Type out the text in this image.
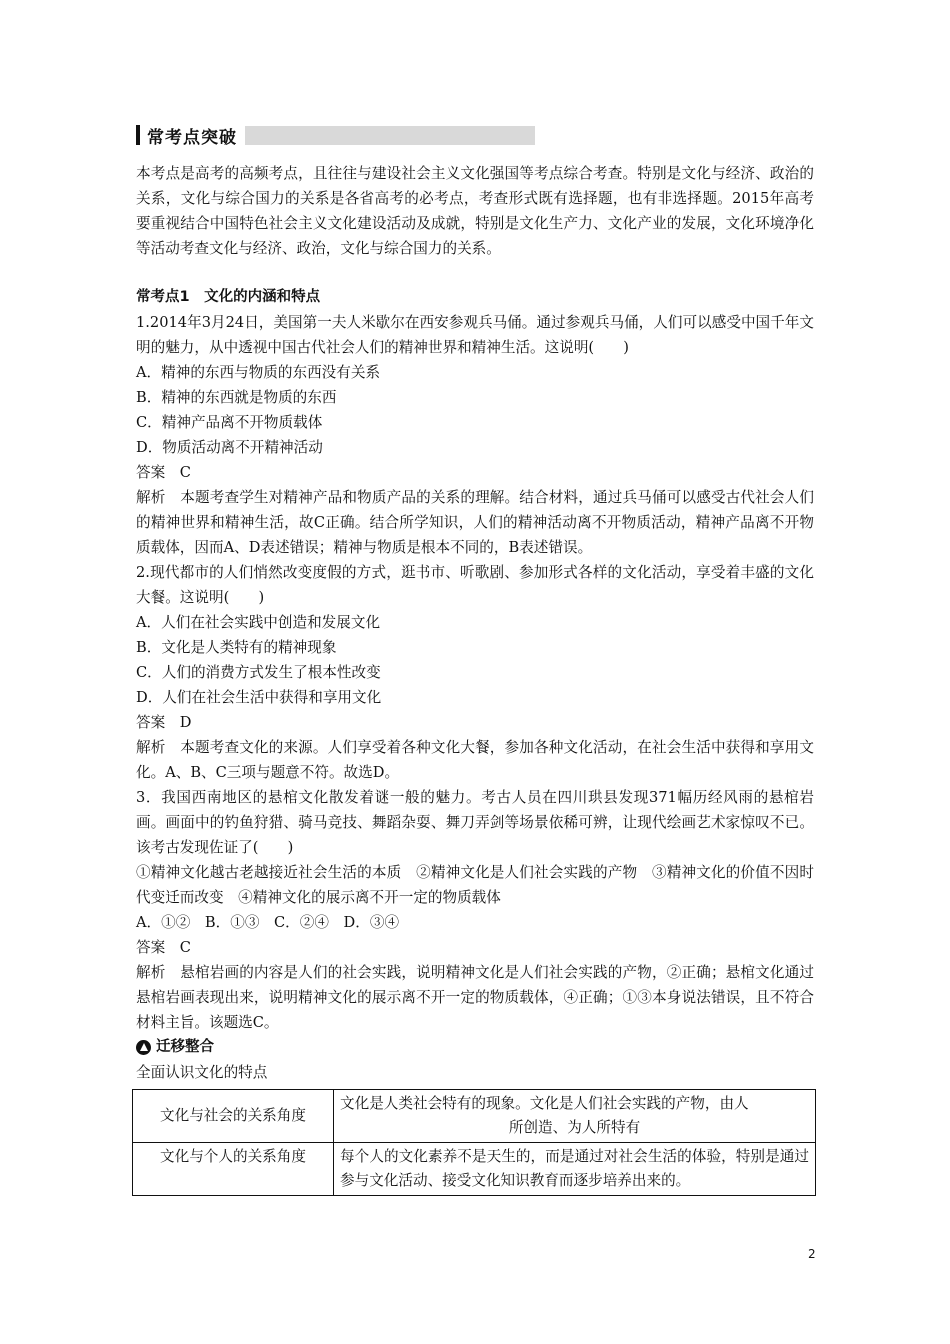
常考点突破

本考点是高考的高频考点，且往往与建设社会主义文化强国等考点综合考查。特别是文化与经济、政治的关系，文化与综合国力的关系是各省高考的必考点，考查形式既有选择题，也有非选择题。2015年高考要重视结合中国特色社会主义文化建设活动及成就，特别是文化生产力、文化产业的发展，文化环境净化等活动考查文化与经济、政治，文化与综合国力的关系。

常考点1　文化的内涵和特点

1.2014年3月24日，美国第一夫人米歇尔在西安参观兵马俑。通过参观兵马俑，人们可以感受中国千年文明的魅力，从中透视中国古代社会人们的精神世界和精神生活。这说明(　　)

A．精神的东西与物质的东西没有关系

B．精神的东西就是物质的东西

C．精神产品离不开物质载体

D．物质活动离不开精神活动

答案　C

解析　本题考查学生对精神产品和物质产品的关系的理解。结合材料，通过兵马俑可以感受古代社会人们的精神世界和精神生活，故C正确。结合所学知识，人们的精神活动离不开物质活动，精神产品离不开物质载体，因而A、D表述错误；精神与物质是根本不同的，B表述错误。

2.现代都市的人们悄然改变度假的方式，逛书市、听歌剧、参加形式各样的文化活动，享受着丰盛的文化大餐。这说明(　　)

A．人们在社会实践中创造和发展文化

B．文化是人类特有的精神现象

C．人们的消费方式发生了根本性改变

D．人们在社会生活中获得和享用文化

答案　D

解析　本题考查文化的来源。人们享受着各种文化大餐，参加各种文化活动，在社会生活中获得和享用文化。A、B、C三项与题意不符。故选D。

3．我国西南地区的悬棺文化散发着谜一般的魅力。考古人员在四川珙县发现371幅历经风雨的悬棺岩画。画面中的钓鱼狩猎、骑马竞技、舞蹈杂耍、舞刀弄剑等场景依稀可辨，让现代绘画艺术家惊叹不已。该考古发现佐证了(　　)

①精神文化越古老越接近社会生活的本质　②精神文化是人们社会实践的产物　③精神文化的价值不因时代变迁而改变　④精神文化的展示离不开一定的物质载体

A．①②　B．①③　C．②④　D．③④

答案　C

解析　悬棺岩画的内容是人们的社会实践，说明精神文化是人们社会实践的产物，②正确；悬棺文化通过悬棺岩画表现出来，说明精神文化的展示离不开一定的物质载体，④正确；①③本身说法错误，且不符合材料主旨。该题选C。

迁移整合

全面认识文化的特点

文化与社会的关系角度	文化是人类社会特有的现象。文化是人们社会实践的产物，由人
所创造、为人所特有

文化与个人的关系角度	每个人的文化素养不是天生的，而是通过对社会生活的体验，特别是通过参与文化活动、接受文化知识教育而逐步培养出来的。
2
